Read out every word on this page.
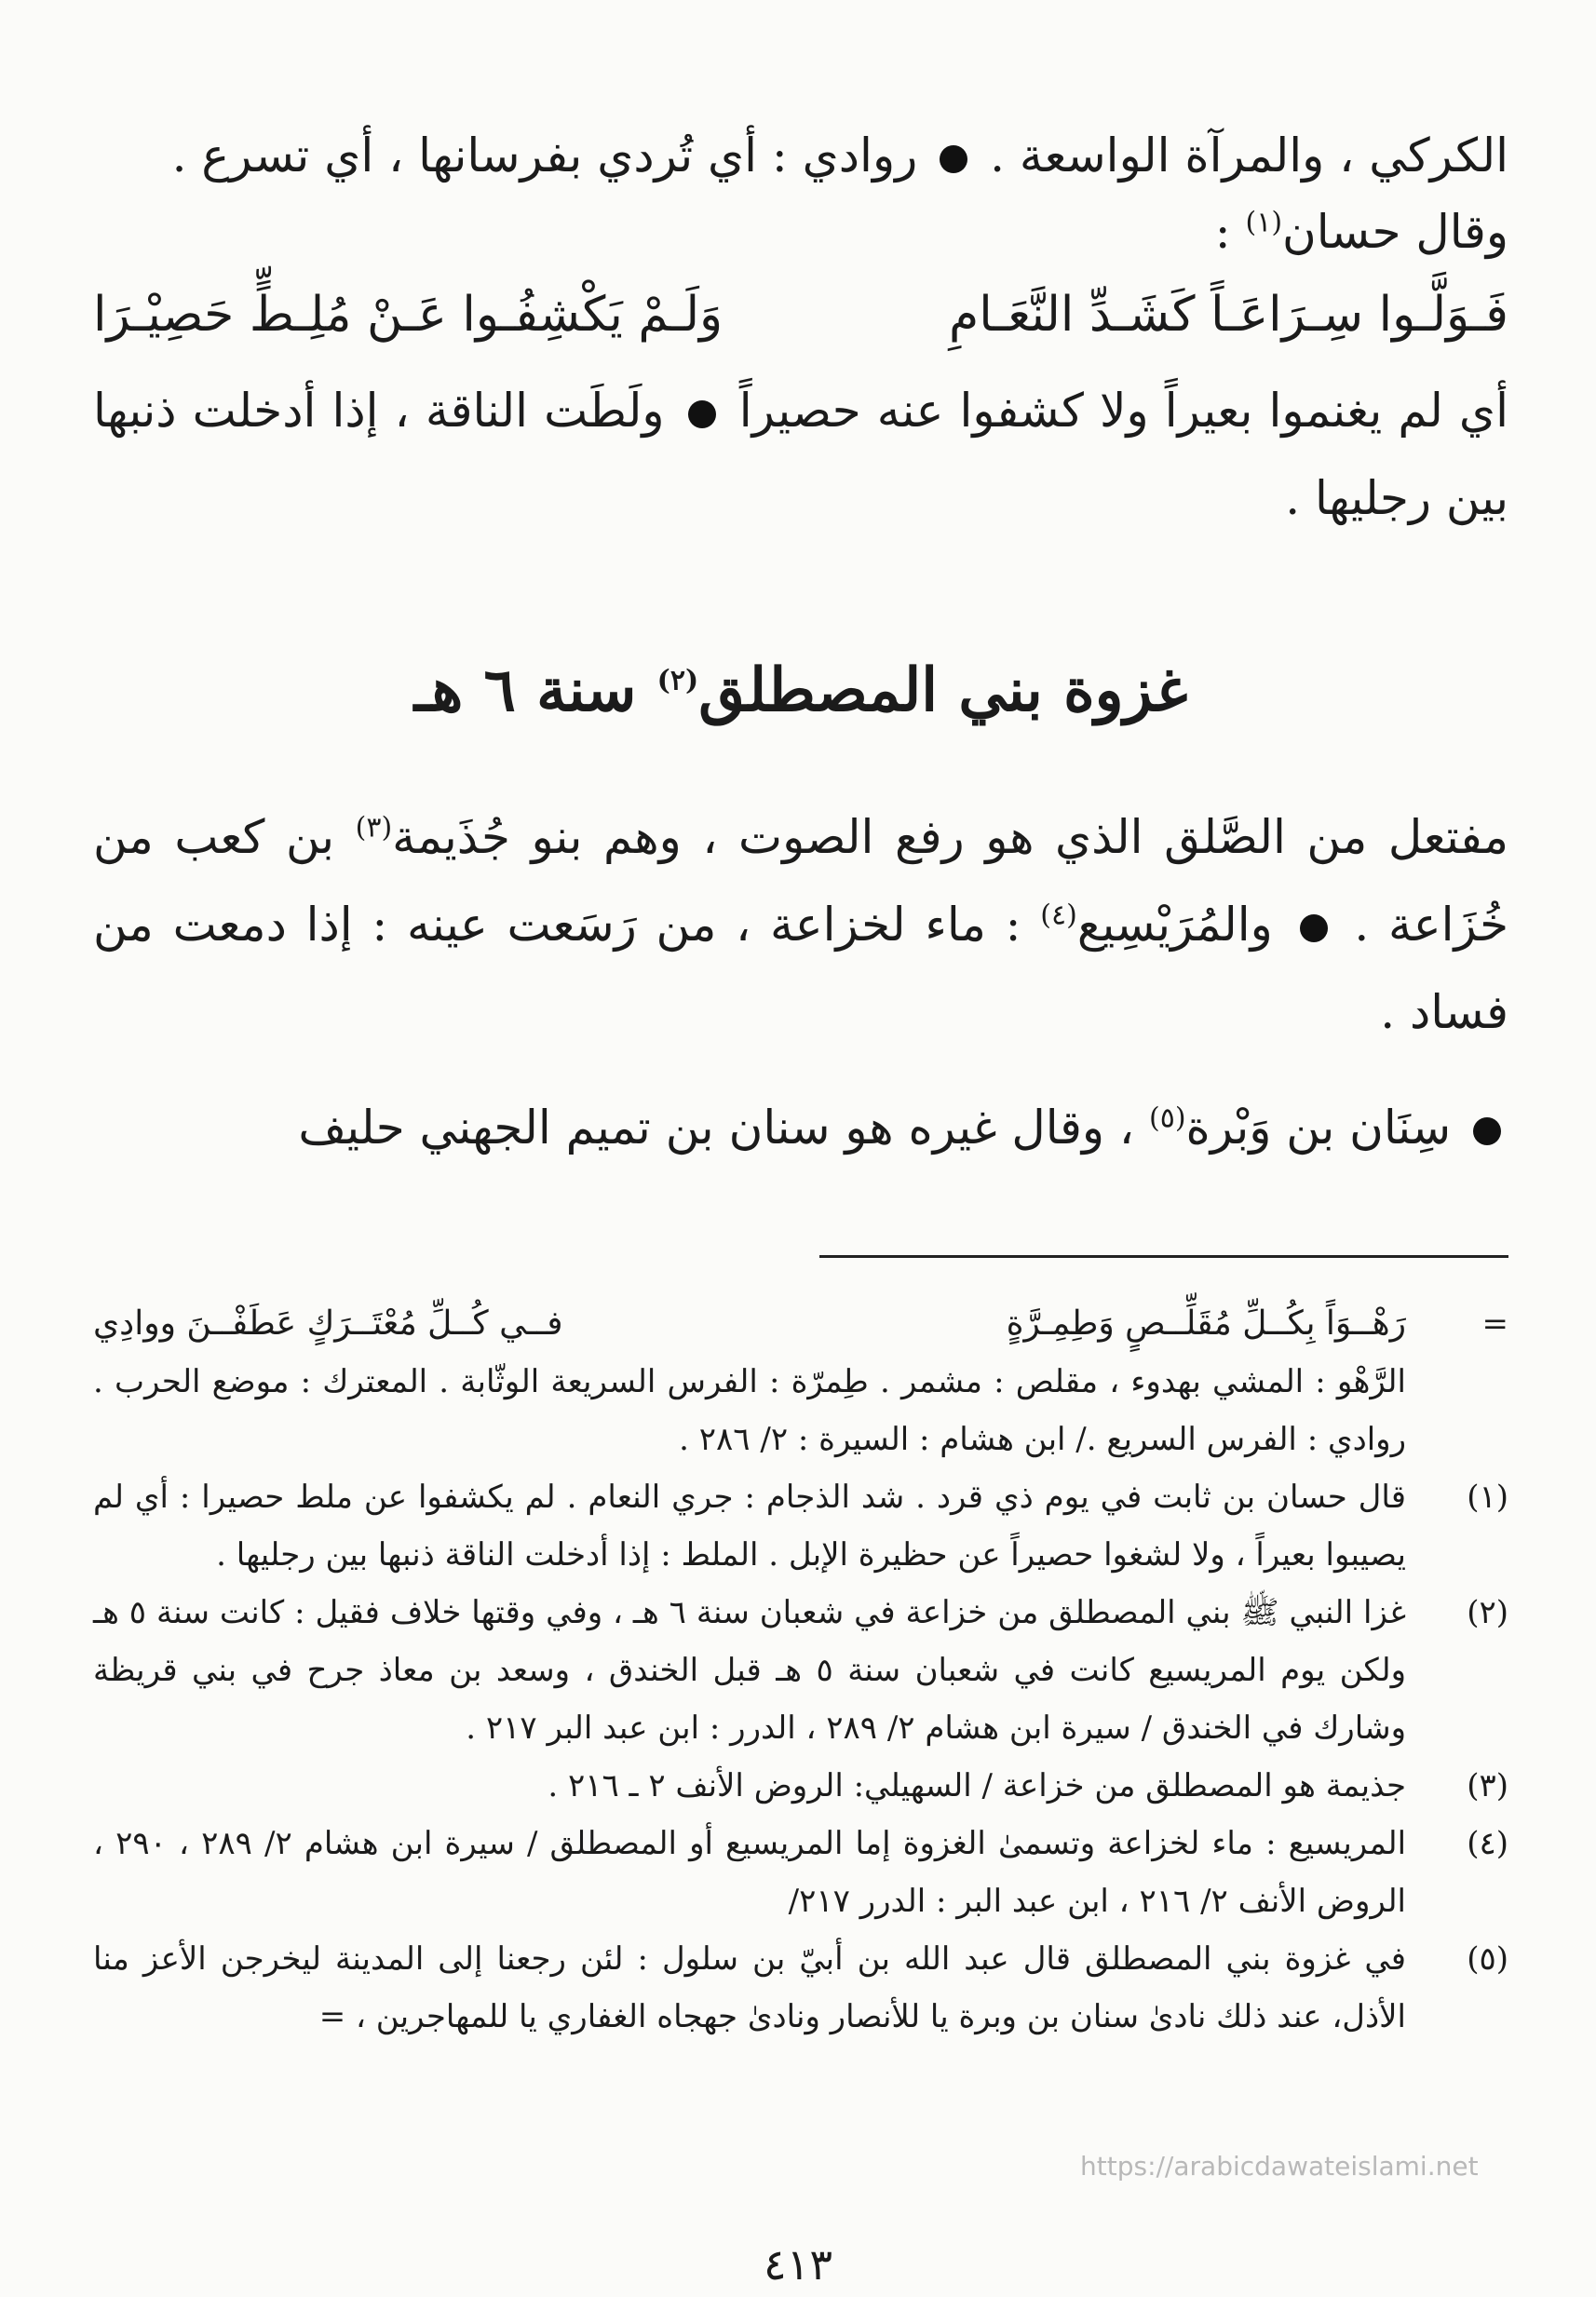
الكركي ، والمرآة الواسعة .  روادي : أي تُردي بفرسانها ، أي تسرع .

وقال حسان$^{(١)}$ :

فَـوَلَّـوا سِـرَاعَـاً كَشَـدِّ النَّعَـامِ
وَلَـمْ يَكْشِفُـوا عَـنْ مُلِـطٍّ حَصِيْـرَا

أي لم يغنموا بعيراً ولا كشفوا عنه حصيراً  ولَطَت الناقة ، إذا أدخلت ذنبها بين رجليها .

غزوة بني المصطلق$^{(٢)}$ سنة ٦ هـ

مفتعل من الصَّلق الذي هو رفع الصوت ، وهم بنو جُذَيمة$^{(٣)}$ بن كعب من خُزَاعة .  والمُرَيْسِيع$^{(٤)}$ : ماء لخزاعة ، من رَسَعت عينه : إذا دمعت من فساد .

سِنَان بن وَبْرة$^{(٥)}$ ، وقال غيره هو سنان بن تميم الجهني حليف

=
رَهْــوَاً بِكُــلِّ مُقَلِّــصٍ وَطِمِـرَّةٍ
فــي كُــلِّ مُعْتَــرَكٍ عَطَفْــنَ ووادِي
الرَّهْو : المشي بهدوء ، مقلص : مشمر . طِمرّة : الفرس السريعة الوثّابة . المعترك : موضع الحرب . روادي : الفرس السريع ./ ابن هشام : السيرة : ٢/ ٢٨٦ .
(١)
قال حسان بن ثابت في يوم ذي قرد . شد الذجام : جري النعام . لم يكشفوا عن ملط حصيرا : أي لم يصيبوا بعيراً ، ولا لشغوا حصيراً عن حظيرة الإبل . الملط : إذا أدخلت الناقة ذنبها بين رجليها .
(٢)
غزا النبي ﷺ بني المصطلق من خزاعة في شعبان سنة ٦ هـ ، وفي وقتها خلاف فقيل : كانت سنة ٥ هـ ولكن يوم المريسيع كانت في شعبان سنة ٥ هـ قبل الخندق ، وسعد بن معاذ جرح في بني قريظة وشارك في الخندق / سيرة ابن هشام ٢/ ٢٨٩ ، الدرر : ابن عبد البر ٢١٧ .
(٣)
جذيمة هو المصطلق من خزاعة / السهيلي: الروض الأنف ٢ ـ ٢١٦ .
(٤)
المريسيع : ماء لخزاعة وتسمىٰ الغزوة إما المريسيع أو المصطلق / سيرة ابن هشام ٢/ ٢٨٩ ، ٢٩٠ ، الروض الأنف ٢/ ٢١٦ ، ابن عبد البر : الدرر ٢١٧/
(٥)
في غزوة بني المصطلق قال عبد الله بن أبيّ بن سلول : لئن رجعنا إلى المدينة ليخرجن الأعز منا الأذل، عند ذلك نادىٰ سنان بن وبرة يا للأنصار ونادىٰ جهجاه الغفاري يا للمهاجرين ، =
https://arabicdawateislami.net
٤١٣
